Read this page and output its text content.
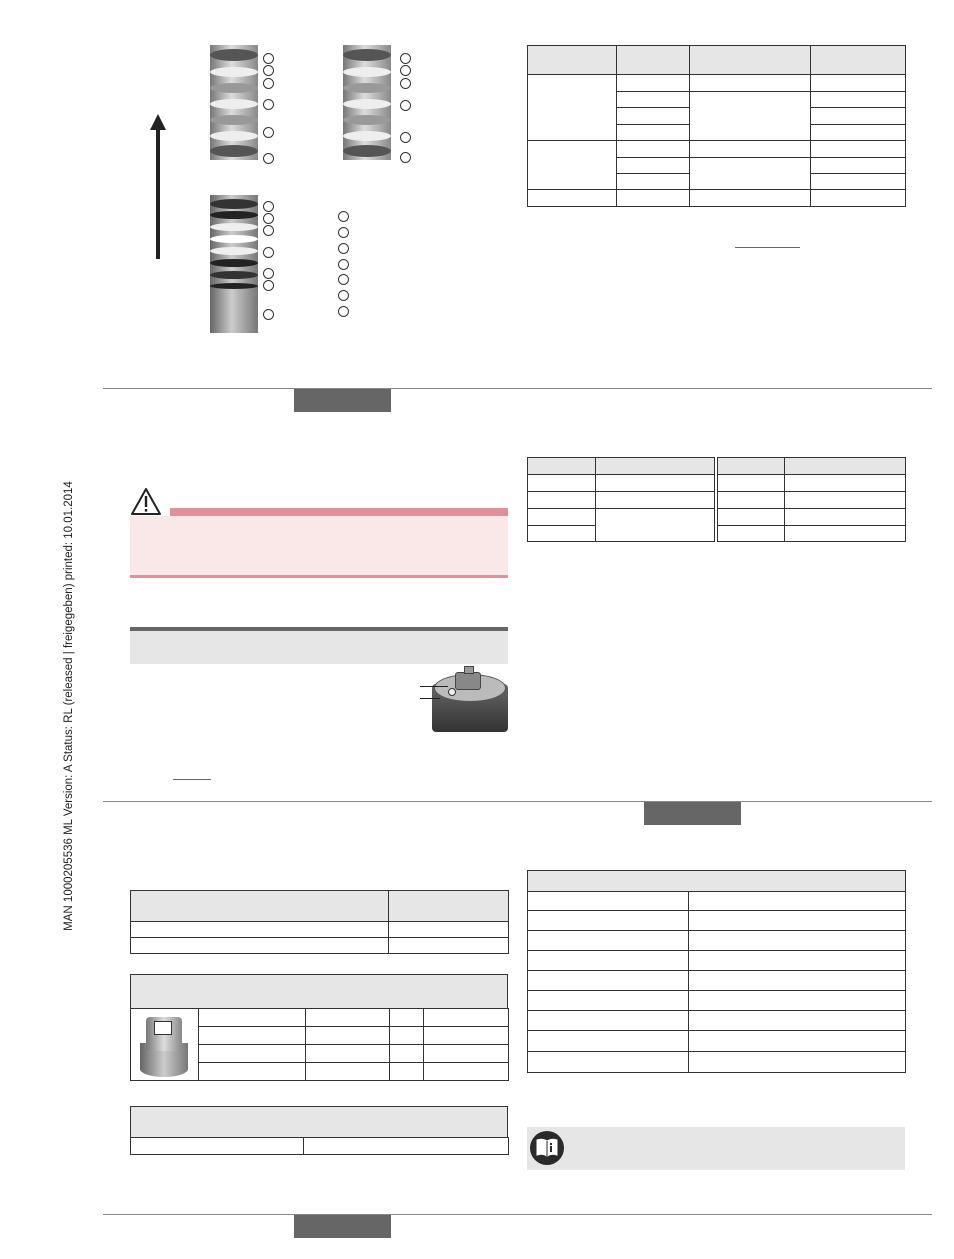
MAN 1000205536 ML Version: A Status: RL (released | freigegeben) printed: 10.01.2014
